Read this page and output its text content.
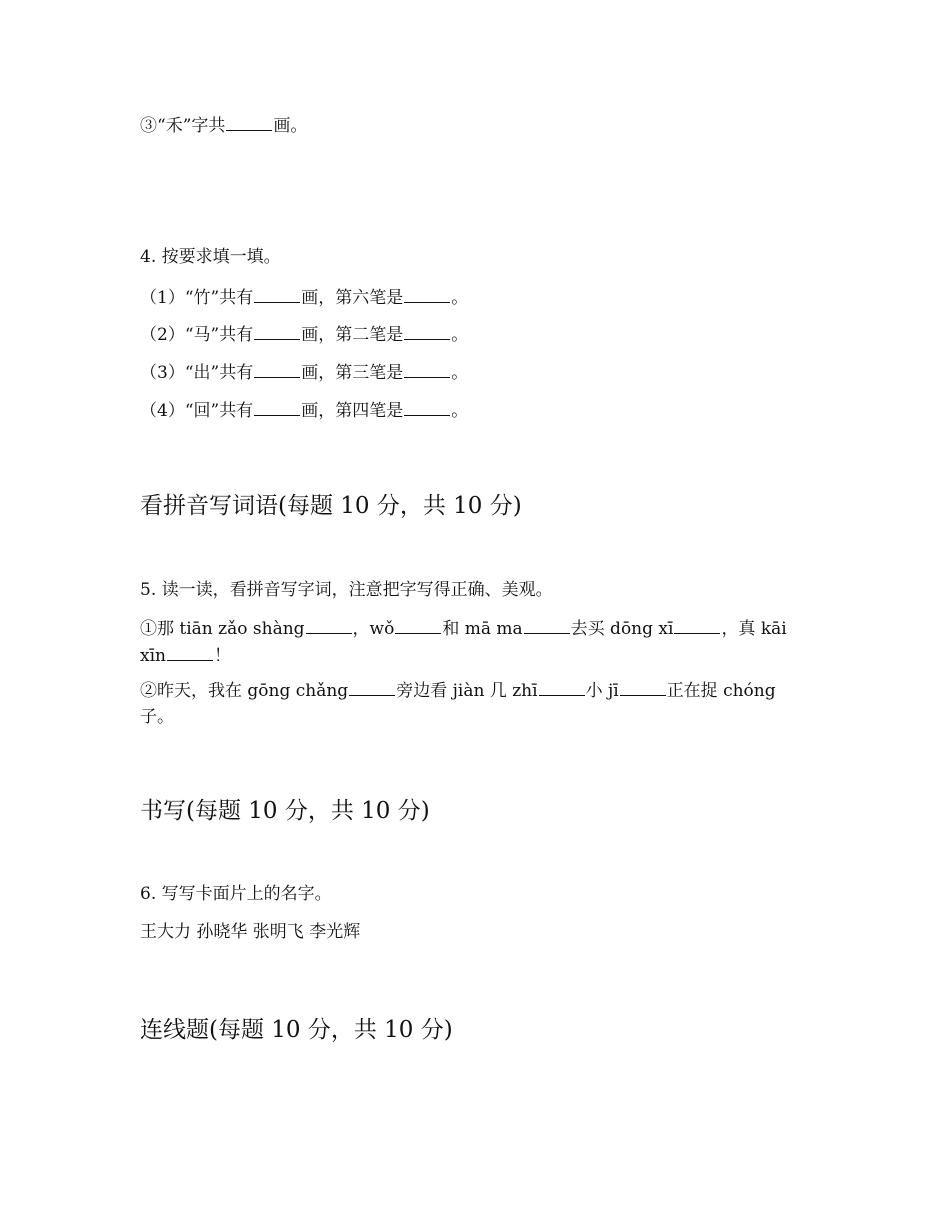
③“禾”字共	画。
4. 按要求填一填。
（1）“竹”共有	画，第六笔是	。
（2）“马”共有	画，第二笔是	。
（3）“出”共有	画，第三笔是	。
（4）“回”共有	画，第四笔是	。
看拼音写词语(每题 10 分，共 10 分)
5. 读一读，看拼音写字词，注意把字写得正确、美观。
①那 tiān zǎo shàng	，wǒ	和 mā ma	去买 dōng xī	，真 kāi xīn	！
②昨天，我在 gōng chǎng	旁边看 jiàn 几 zhī	小 jī	正在捉 chóng 子。
书写(每题 10 分，共 10 分)
6. 写写卡面片上的名字。
王大力 孙晓华 张明飞 李光辉
连线题(每题 10 分，共 10 分)
